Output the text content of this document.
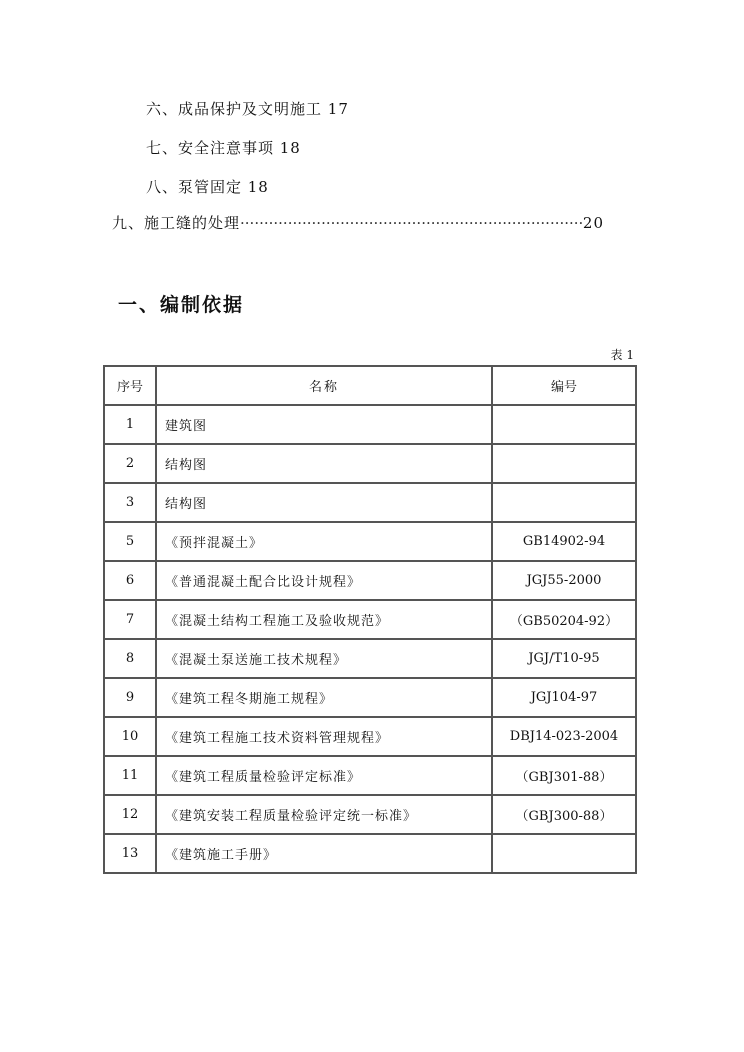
六、成品保护及文明施工 17
七、安全注意事项 18
八、泵管固定 18
九、施工缝的处理 ·····	20
一、编制依据
表 1
序号	名称	编号
1	建筑图	
2	结构图	
3	结构图	
5	《预拌混凝土》	GB14902-94
6	《普通混凝土配合比设计规程》	JGJ55-2000
7	《混凝土结构工程施工及验收规范》	（GB50204-92）
8	《混凝土泵送施工技术规程》	JGJ/T10-95
9	《建筑工程冬期施工规程》	JGJ104-97
10	《建筑工程施工技术资料管理规程》	DBJ14-023-2004
11	《建筑工程质量检验评定标准》	（GBJ301-88）
12	《建筑安装工程质量检验评定统一标准》	（GBJ300-88）
13	《建筑施工手册》	
